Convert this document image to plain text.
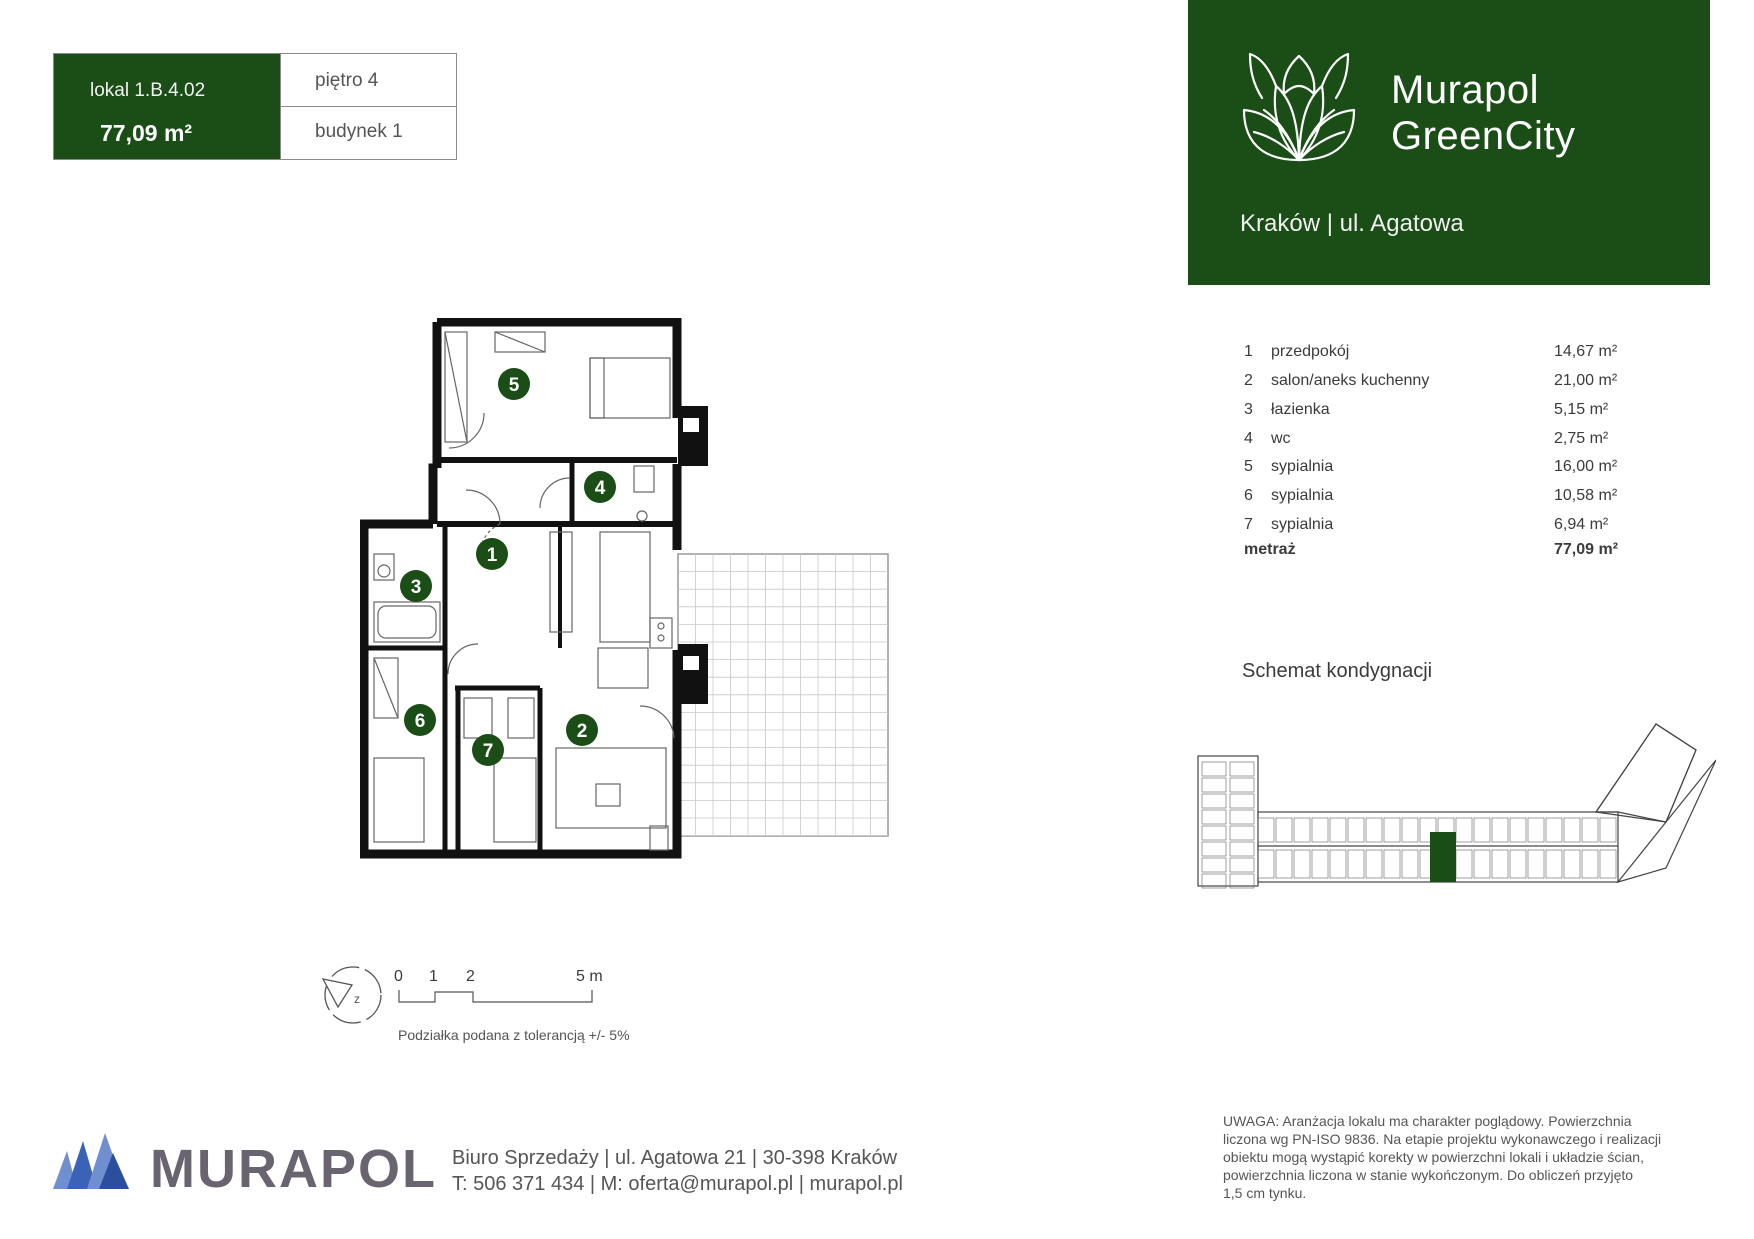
lokal 1.B.4.02
77,09 m²
piętro 4
budynek 1
Murapol
GreenCity
Kraków | ul. Agatowa
5
4
1
3
6
7
2
1 przedpokój	14,67 m²
2 salon/aneks kuchenny	21,00 m²
3 łazienka	5,15 m²
4 wc	2,75 m²
5 sypialnia	16,00 m²
6 sypialnia	10,58 m²
7 sypialnia	6,94 m²
metraż	77,09 m²
Schemat kondygnacji
z
0 1 2	5 m
Podziałka podana z tolerancją +/- 5%
MURAPOL Biuro Sprzedaży | ul. Agatowa 21 | 30-398 Kraków
T: 506 371 434 | M: oferta@murapol.pl | murapol.pl
UWAGA: Aranżacja lokalu ma charakter poglądowy. Powierzchnia
liczona wg PN-ISO 9836. Na etapie projektu wykonawczego i realizacji
obiektu mogą wystąpić korekty w powierzchni lokali i układzie ścian,
powierzchnia liczona w stanie wykończonym. Do obliczeń przyjęto
1,5 cm tynku.
